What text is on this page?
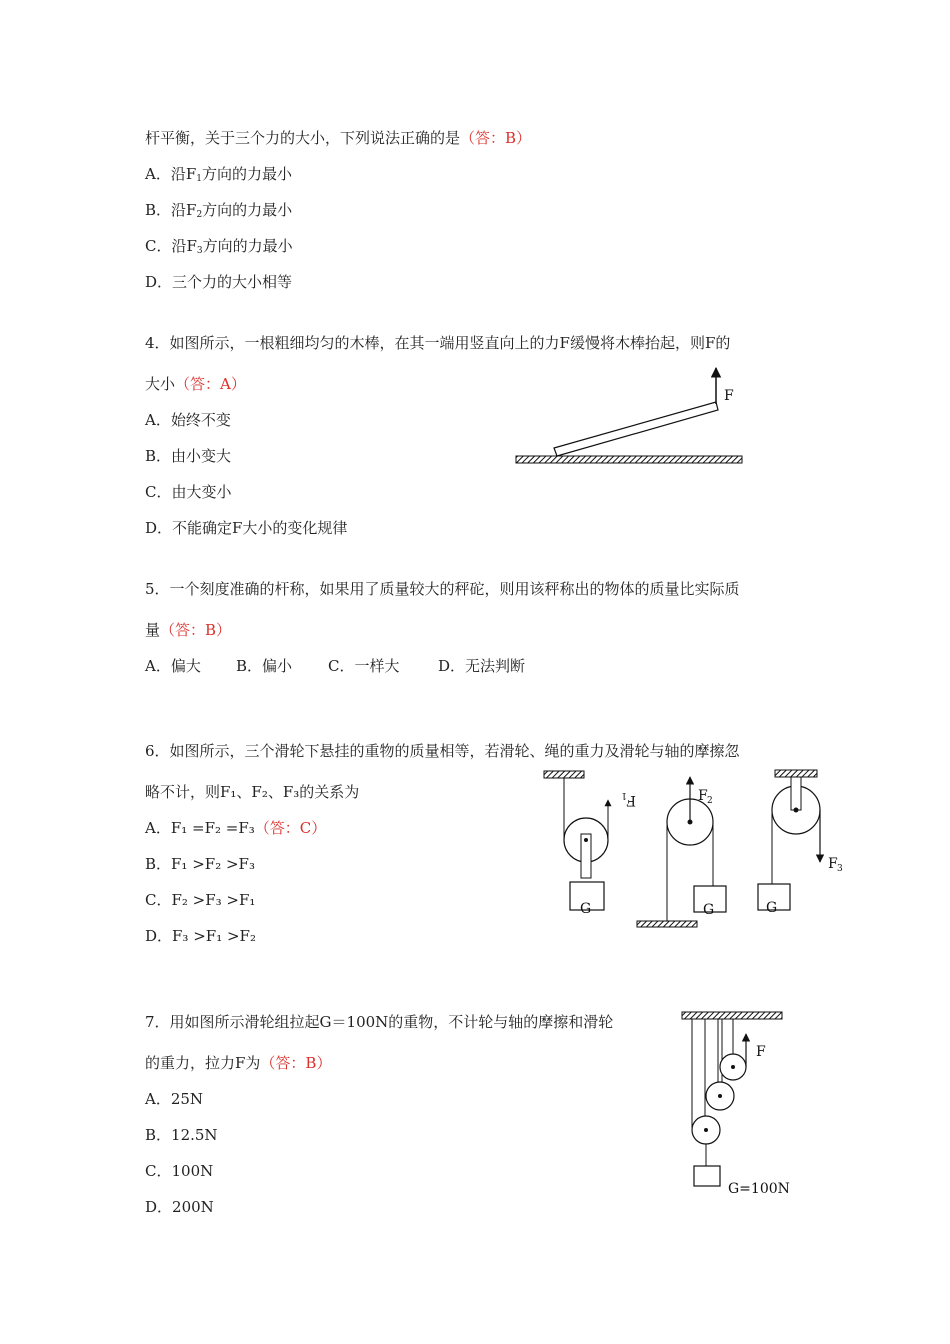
杆平衡，关于三个力的大小，下列说法正确的是（答：B）
A．沿$F_1$方向的力最小
B．沿$F_2$方向的力最小
C．沿$F_3$方向的力最小
D．三个力的大小相等
4．如图所示，一根粗细均匀的木棒，在其一端用竖直向上的力F缓慢将木棒抬起，则F的
大小（答：A）
A．始终不变
B．由小变大
C．由大变小
D．不能确定F大小的变化规律
5．一个刻度准确的杆称，如果用了质量较大的秤砣，则用该秤称出的物体的质量比实际质
量（答：B）
A．偏大 B．偏小 C．一样大	D．无法判断
6．如图所示，三个滑轮下悬挂的重物的质量相等，若滑轮、绳的重力及滑轮与轴的摩擦忽
略不计，则F₁、F₂、F₃的关系为
A．F₁ =F₂ =F₃（答：C）
B．F₁ >F₂ >F₃
C．F₂ >F₃ >F₁
D．F₃ >F₁ >F₂
7．用如图所示滑轮组拉起G＝100N的重物，不计轮与轴的摩擦和滑轮
的重力，拉力F为（答：B）
A．25N
B．12.5N
C．100N
D．200N
F
G
F
1
G
F 2
G
F 3
F
G=100N
